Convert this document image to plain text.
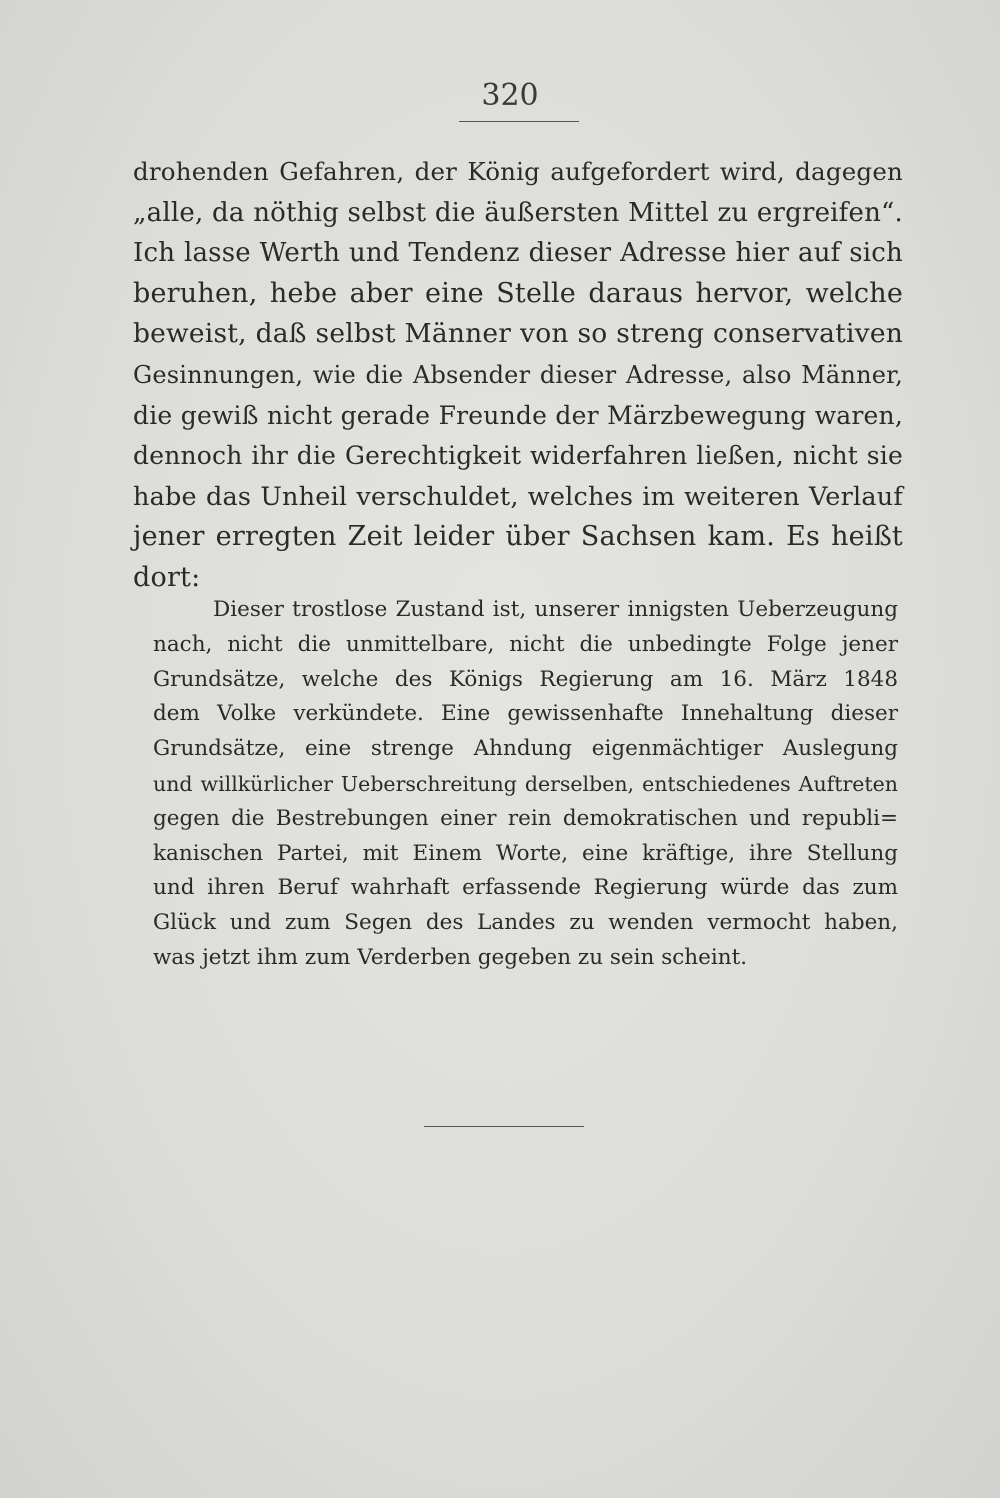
320
drohenden Gefahren, der König aufgefordert wird, dagegen
„alle, da nöthig selbst die äußersten Mittel zu ergreifen“.
Ich lasse Werth und Tendenz dieser Adresse hier auf sich
beruhen, hebe aber eine Stelle daraus hervor, welche
beweist, daß selbst Männer von so streng conservativen
Gesinnungen, wie die Absender dieser Adresse, also Männer,
die gewiß nicht gerade Freunde der Märzbewegung waren,
dennoch ihr die Gerechtigkeit widerfahren ließen, nicht sie
habe das Unheil verschuldet, welches im weiteren Verlauf
jener erregten Zeit leider über Sachsen kam. Es heißt
dort:
Dieser trostlose Zustand ist, unserer innigsten Ueberzeugung
nach, nicht die unmittelbare, nicht die unbedingte Folge jener
Grundsätze, welche des Königs Regierung am 16. März 1848
dem Volke verkündete. Eine gewissenhafte Innehaltung dieser
Grundsätze, eine strenge Ahndung eigenmächtiger Auslegung
und willkürlicher Ueberschreitung derselben, entschiedenes Auftreten
gegen die Bestrebungen einer rein demokratischen und republi=
kanischen Partei, mit Einem Worte, eine kräftige, ihre Stellung
und ihren Beruf wahrhaft erfassende Regierung würde das zum
Glück und zum Segen des Landes zu wenden vermocht haben,
was jetzt ihm zum Verderben gegeben zu sein scheint.
